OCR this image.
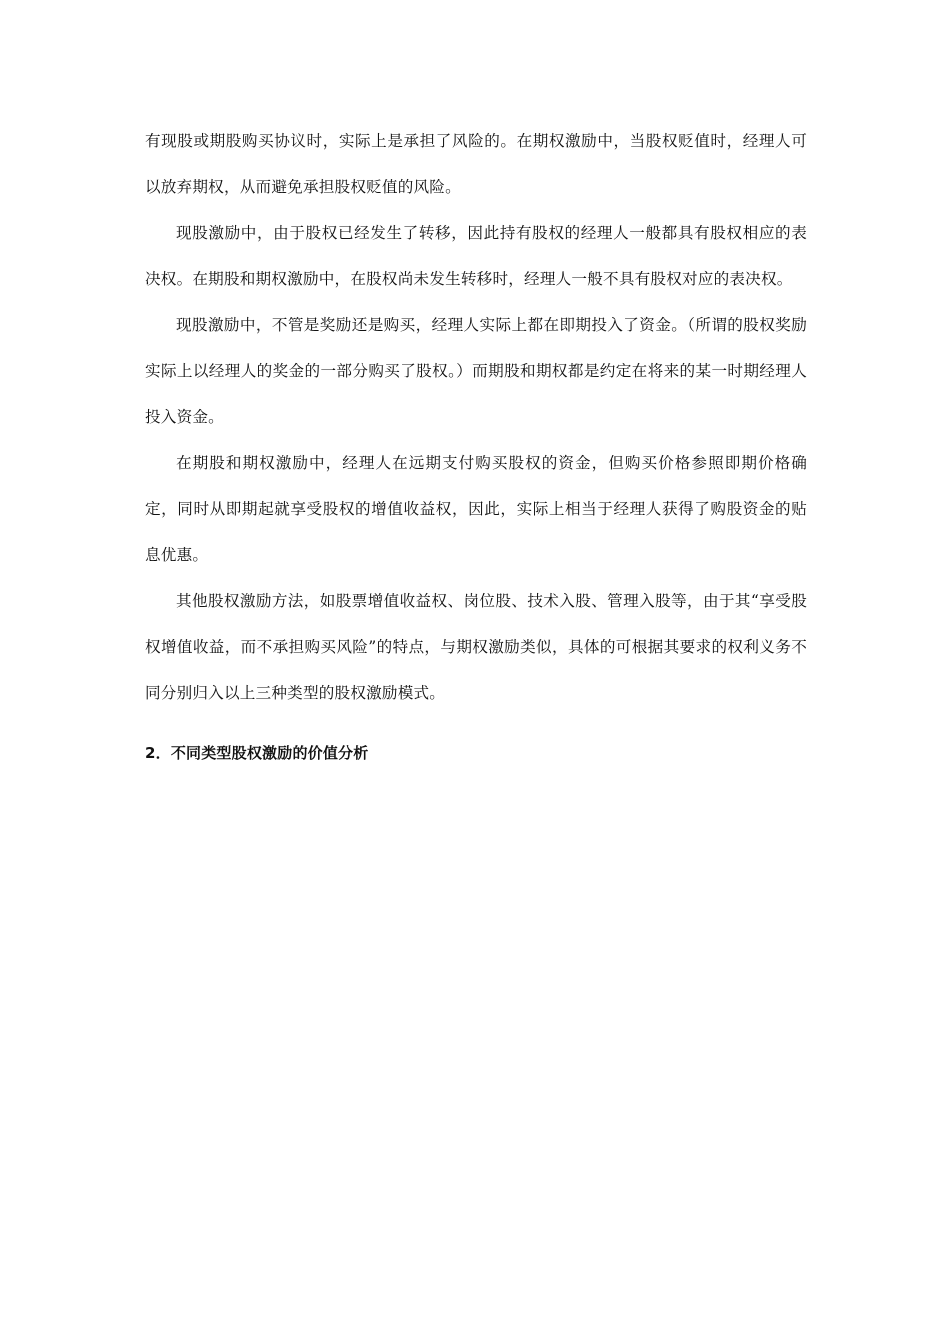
有现股或期股购买协议时，实际上是承担了风险的。在期权激励中，当股权贬值时，经理人可以放弃期权，从而避免承担股权贬值的风险。

现股激励中，由于股权已经发生了转移，因此持有股权的经理人一般都具有股权相应的表决权。在期股和期权激励中，在股权尚未发生转移时，经理人一般不具有股权对应的表决权。

现股激励中，不管是奖励还是购买，经理人实际上都在即期投入了资金。（所谓的股权奖励实际上以经理人的奖金的一部分购买了股权。）而期股和期权都是约定在将来的某一时期经理人投入资金。

在期股和期权激励中，经理人在远期支付购买股权的资金，但购买价格参照即期价格确定，同时从即期起就享受股权的增值收益权，因此，实际上相当于经理人获得了购股资金的贴息优惠。

其他股权激励方法，如股票增值收益权、岗位股、技术入股、管理入股等，由于其“享受股权增值收益，而不承担购买风险”的特点，与期权激励类似，具体的可根据其要求的权利义务不同分别归入以上三种类型的股权激励模式。

2．不同类型股权激励的价值分析
